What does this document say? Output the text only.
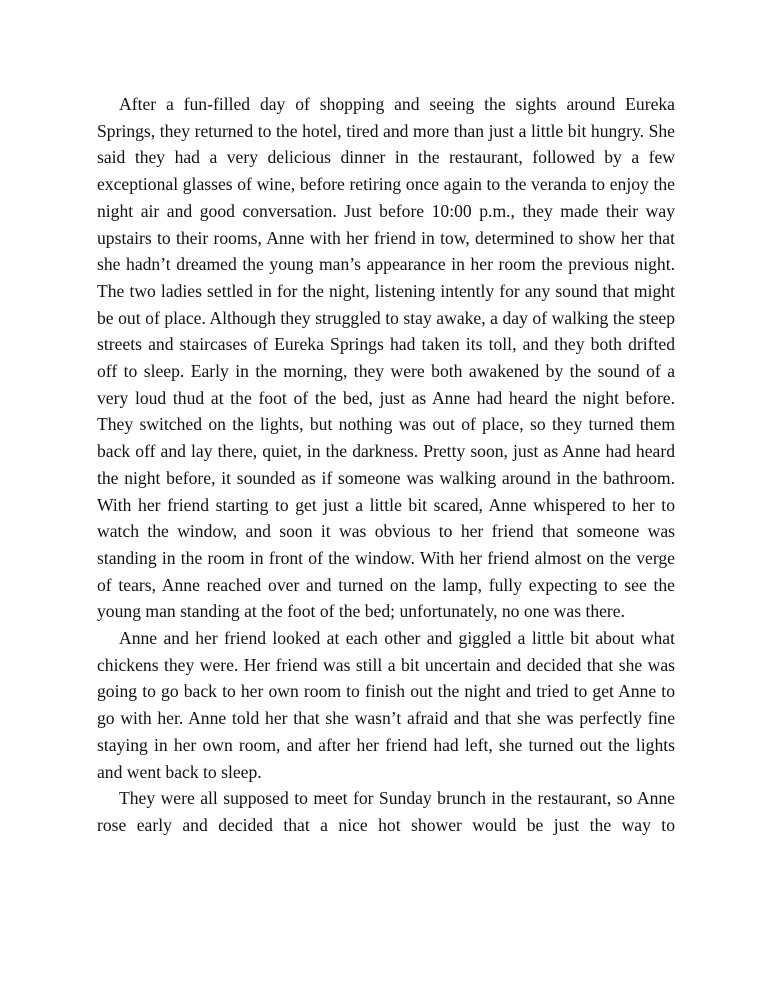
After a fun-filled day of shopping and seeing the sights around Eureka Springs, they returned to the hotel, tired and more than just a little bit hungry. She said they had a very delicious dinner in the restaurant, followed by a few exceptional glasses of wine, before retiring once again to the veranda to enjoy the night air and good conversation. Just before 10:00 p.m., they made their way upstairs to their rooms, Anne with her friend in tow, determined to show her that she hadn’t dreamed the young man’s appearance in her room the previous night. The two ladies settled in for the night, listening intently for any sound that might be out of place. Although they struggled to stay awake, a day of walking the steep streets and staircases of Eureka Springs had taken its toll, and they both drifted off to sleep. Early in the morning, they were both awakened by the sound of a very loud thud at the foot of the bed, just as Anne had heard the night before. They switched on the lights, but nothing was out of place, so they turned them back off and lay there, quiet, in the darkness. Pretty soon, just as Anne had heard the night before, it sounded as if someone was walking around in the bathroom. With her friend starting to get just a little bit scared, Anne whispered to her to watch the window, and soon it was obvious to her friend that someone was standing in the room in front of the window. With her friend almost on the verge of tears, Anne reached over and turned on the lamp, fully expecting to see the young man standing at the foot of the bed; unfortunately, no one was there.

Anne and her friend looked at each other and giggled a little bit about what chickens they were. Her friend was still a bit uncertain and decided that she was going to go back to her own room to finish out the night and tried to get Anne to go with her. Anne told her that she wasn’t afraid and that she was perfectly fine staying in her own room, and after her friend had left, she turned out the lights and went back to sleep.

They were all supposed to meet for Sunday brunch in the restaurant, so Anne rose early and decided that a nice hot shower would be just the way to
